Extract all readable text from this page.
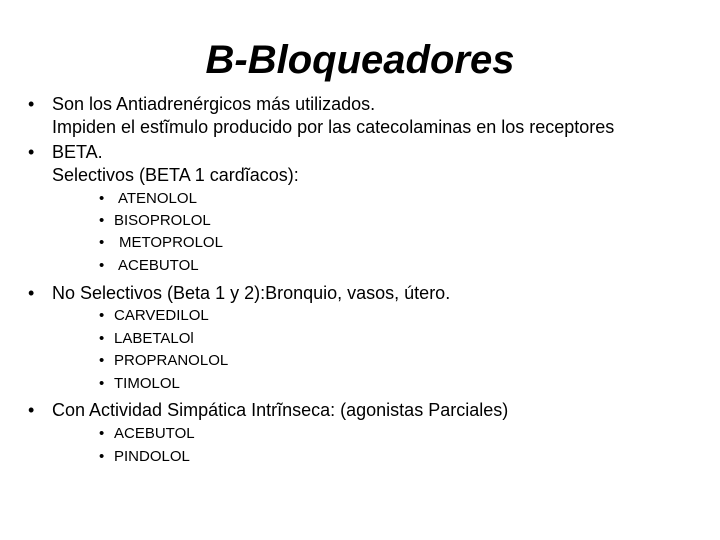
B-Bloqueadores
• Son los Antiadrenérgicos más utilizados.
Impiden el estĩmulo producido por las catecolaminas en los receptores
• BETA.
Selectivos (BETA 1 cardĩacos):
• ATENOLOL
• BISOPROLOL
• METOPROLOL
• ACEBUTOL
• No Selectivos (Beta 1 y 2):Bronquio, vasos, útero.
• CARVEDILOL
• LABETALOl
• PROPRANOLOL
• TIMOLOL
• Con Actividad Simpática Intrĩnseca: (agonistas Parciales)
• ACEBUTOL
• PINDOLOL
